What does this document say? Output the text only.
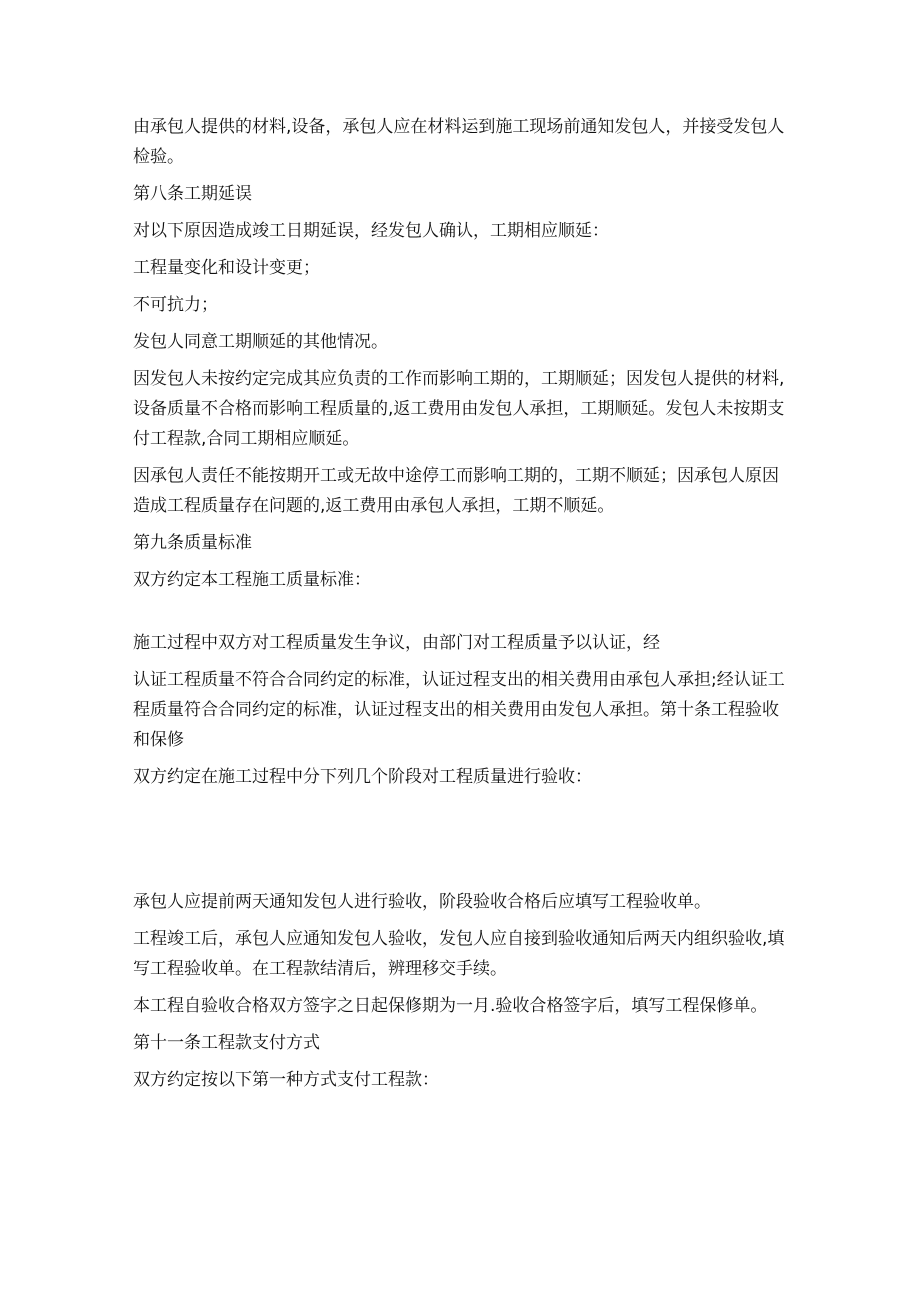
由承包人提供的材料,设备，承包人应在材料运到施工现场前通知发包人，并接受发包人检验。

第八条工期延误

对以下原因造成竣工日期延误，经发包人确认，工期相应顺延：

工程量变化和设计变更；

不可抗力；

发包人同意工期顺延的其他情况。

因发包人未按约定完成其应负责的工作而影响工期的，工期顺延；因发包人提供的材料,设备质量不合格而影响工程质量的,返工费用由发包人承担，工期顺延。发包人未按期支付工程款,合同工期相应顺延。

因承包人责任不能按期开工或无故中途停工而影响工期的，工期不顺延；因承包人原因造成工程质量存在问题的,返工费用由承包人承担，工期不顺延。

第九条质量标准

双方约定本工程施工质量标准：

施工过程中双方对工程质量发生争议，由部门对工程质量予以认证，经

认证工程质量不符合合同约定的标准，认证过程支出的相关费用由承包人承担;经认证工程质量符合合同约定的标准，认证过程支出的相关费用由发包人承担。第十条工程验收和保修

双方约定在施工过程中分下列几个阶段对工程质量进行验收：

承包人应提前两天通知发包人进行验收，阶段验收合格后应填写工程验收单。

工程竣工后，承包人应通知发包人验收，发包人应自接到验收通知后两天内组织验收,填写工程验收单。在工程款结清后，辨理移交手续。

本工程自验收合格双方签字之日起保修期为一月.验收合格签字后，填写工程保修单。

第十一条工程款支付方式

双方约定按以下第一种方式支付工程款：
